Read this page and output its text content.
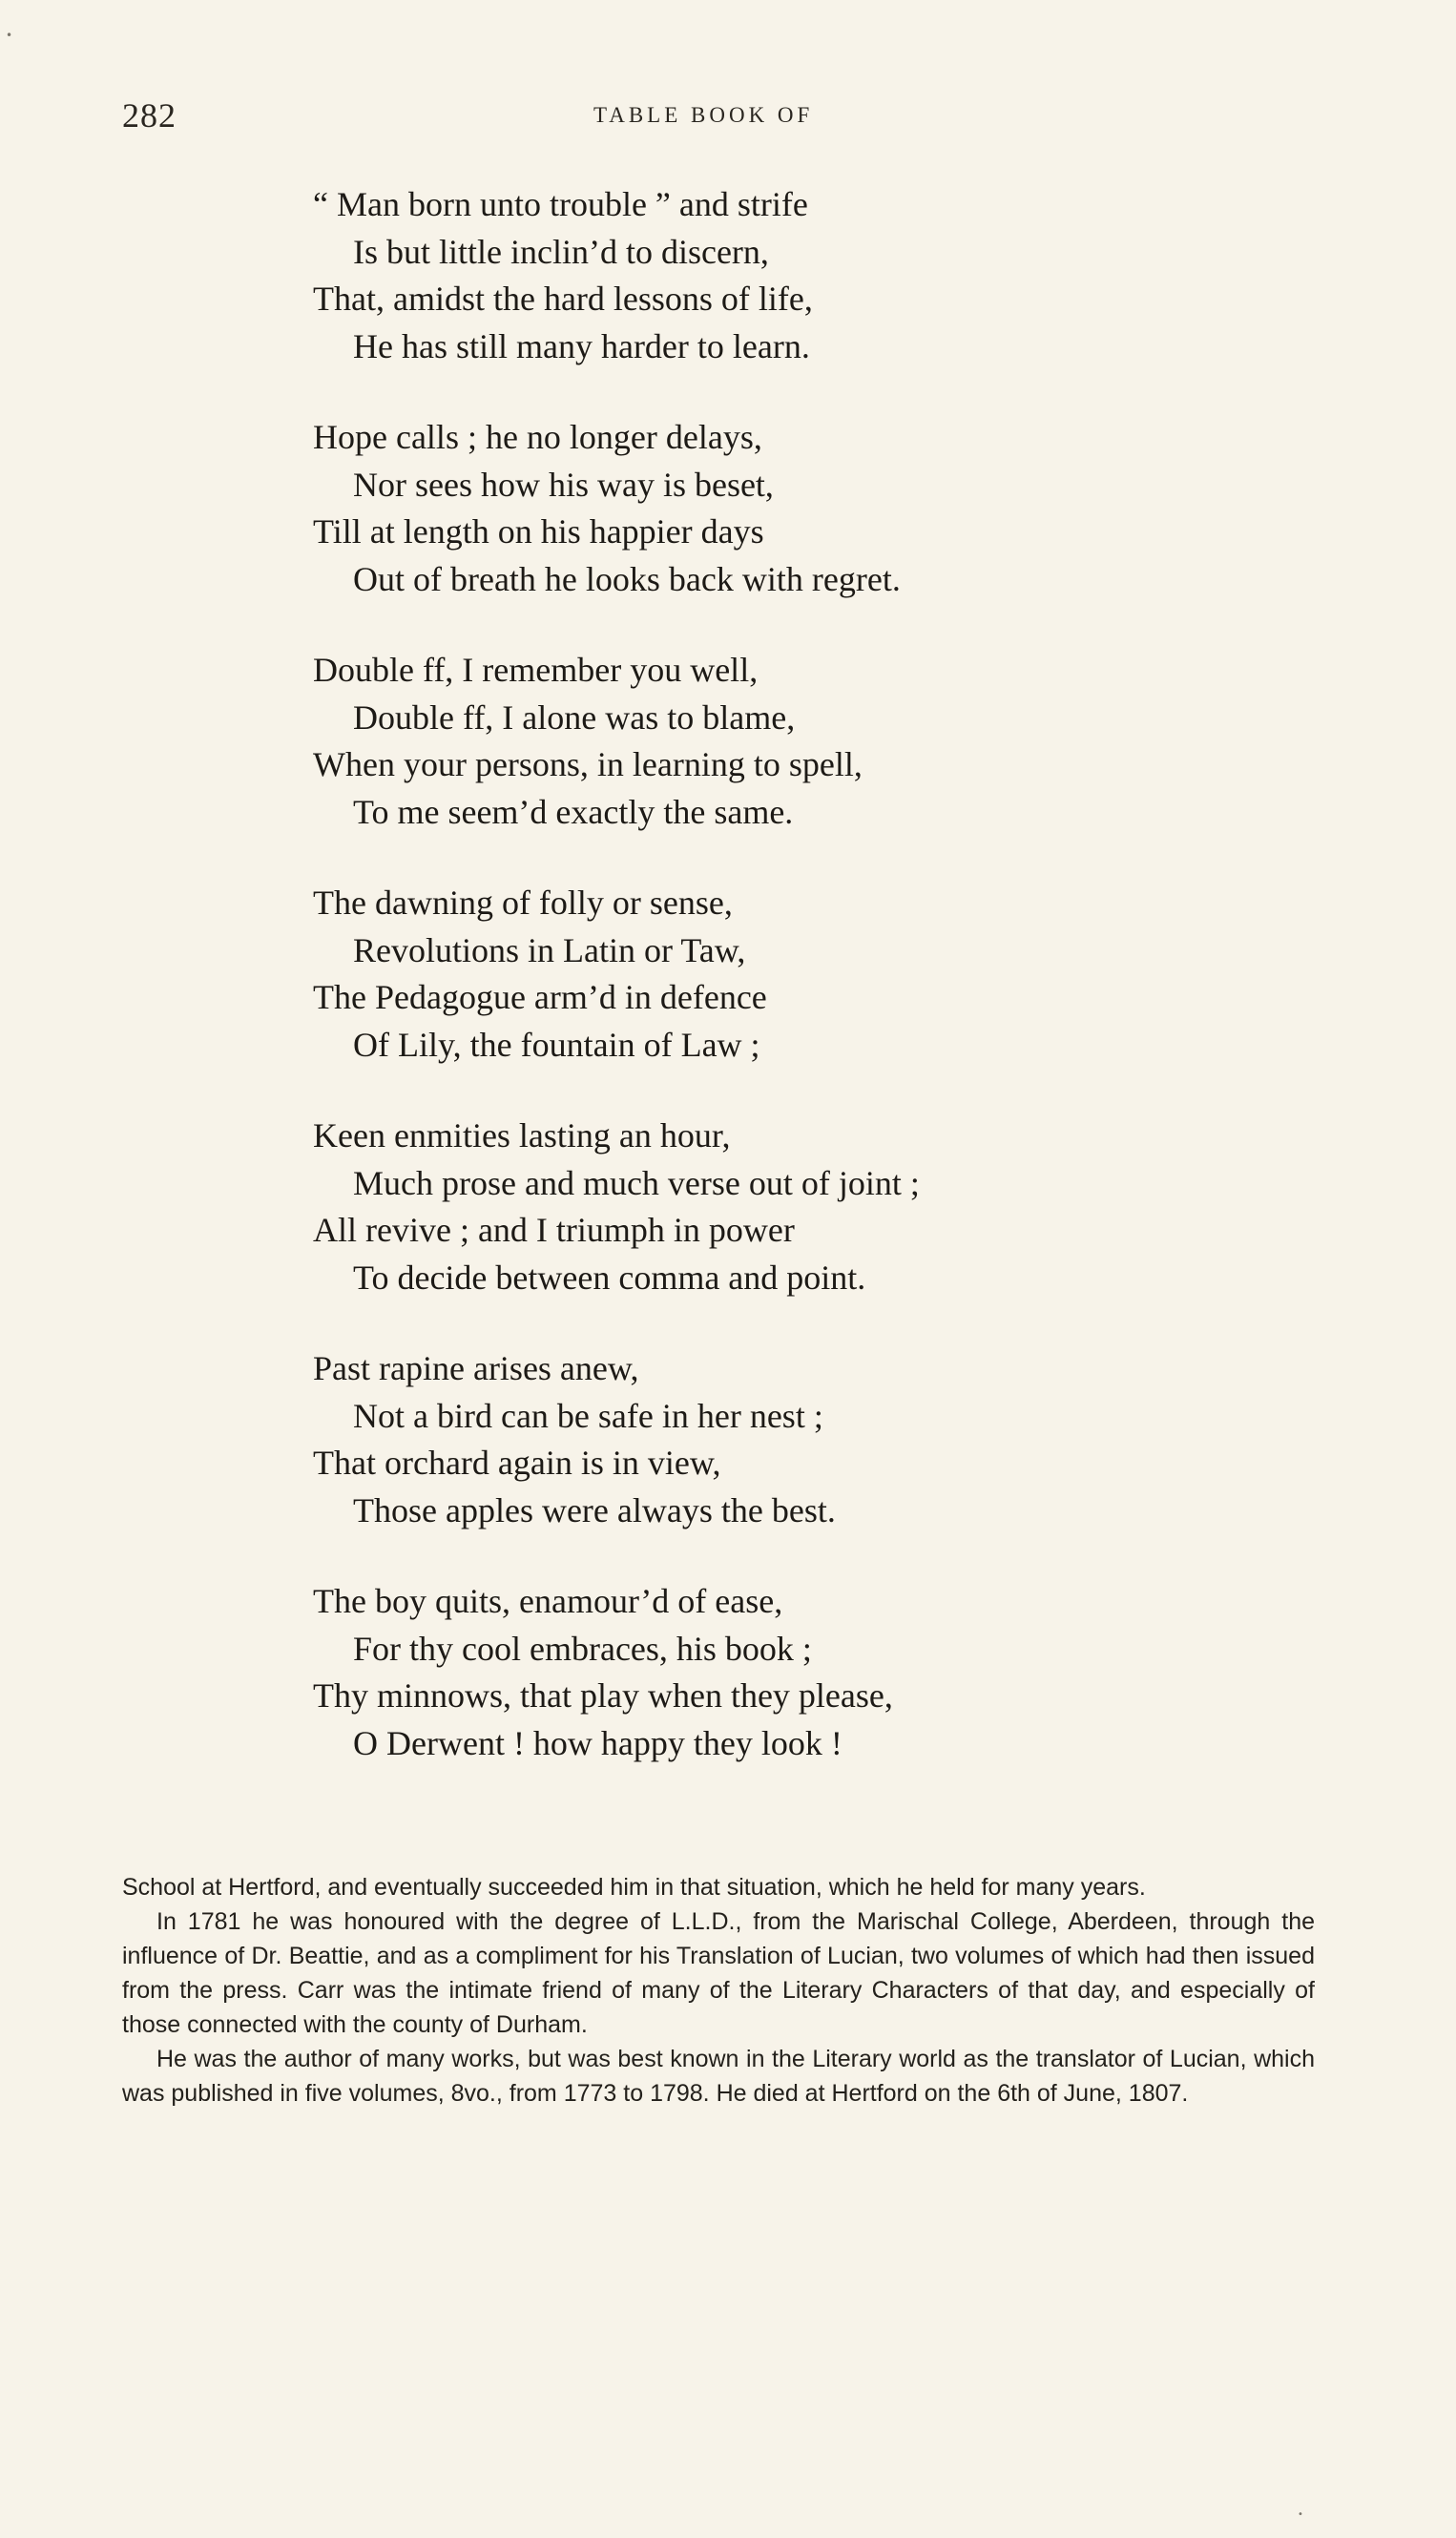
282	TABLE BOOK OF
“ Man born unto trouble ” and strife
Is but little inclin’d to discern,
That, amidst the hard lessons of life,
He has still many harder to learn.
Hope calls ; he no longer delays,
Nor sees how his way is beset,
Till at length on his happier days
Out of breath he looks back with regret.
Double ff, I remember you well,
Double ff, I alone was to blame,
When your persons, in learning to spell,
To me seem’d exactly the same.
The dawning of folly or sense,
Revolutions in Latin or Taw,
The Pedagogue arm’d in defence
Of Lily, the fountain of Law ;
Keen enmities lasting an hour,
Much prose and much verse out of joint ;
All revive ; and I triumph in power
To decide between comma and point.
Past rapine arises anew,
Not a bird can be safe in her nest ;
That orchard again is in view,
Those apples were always the best.
The boy quits, enamour’d of ease,
For thy cool embraces, his book ;
Thy minnows, that play when they please,
O Derwent ! how happy they look !

School at Hertford, and eventually succeeded him in that situation, which he held for many years.

In 1781 he was honoured with the degree of L.L.D., from the Marischal College, Aberdeen, through the influence of Dr. Beattie, and as a compliment for his Translation of Lucian, two volumes of which had then issued from the press. Carr was the intimate friend of many of the Literary Characters of that day, and especially of those connected with the county of Durham.

He was the author of many works, but was best known in the Literary world as the translator of Lucian, which was published in five volumes, 8vo., from 1773 to 1798. He died at Hertford on the 6th of June, 1807.

•
•
